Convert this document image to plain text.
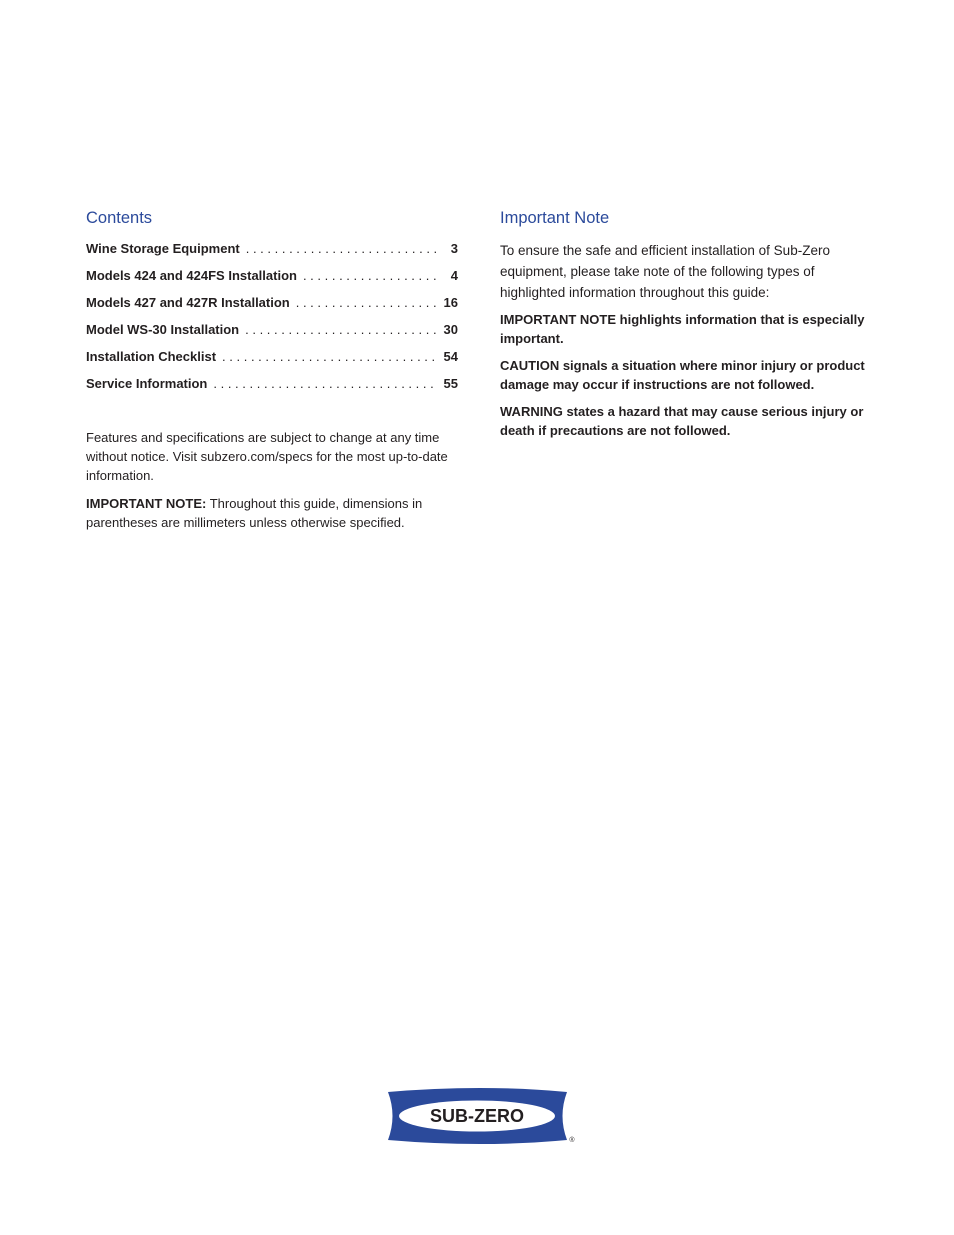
Contents
Wine Storage Equipment . . .	3
Models 424 and 424FS Installation . . .	4
Models 427 and 427R Installation . . .	16
Model WS-30 Installation . . .	30
Installation Checklist . . .	54
Service Information . . .	55

Features and specifications are subject to change at any time without notice. Visit subzero.com/specs for the most up-to-date information.

IMPORTANT NOTE: Throughout this guide, dimensions in parentheses are millimeters unless otherwise specified.

Important Note

To ensure the safe and efficient installation of Sub-Zero equipment, please take note of the following types of highlighted information throughout this guide:

IMPORTANT NOTE highlights information that is especially important.

CAUTION signals a situation where minor injury or product damage may occur if instructions are not followed.

WARNING states a hazard that may cause serious injury or death if precautions are not followed.

SUB-ZERO
®
